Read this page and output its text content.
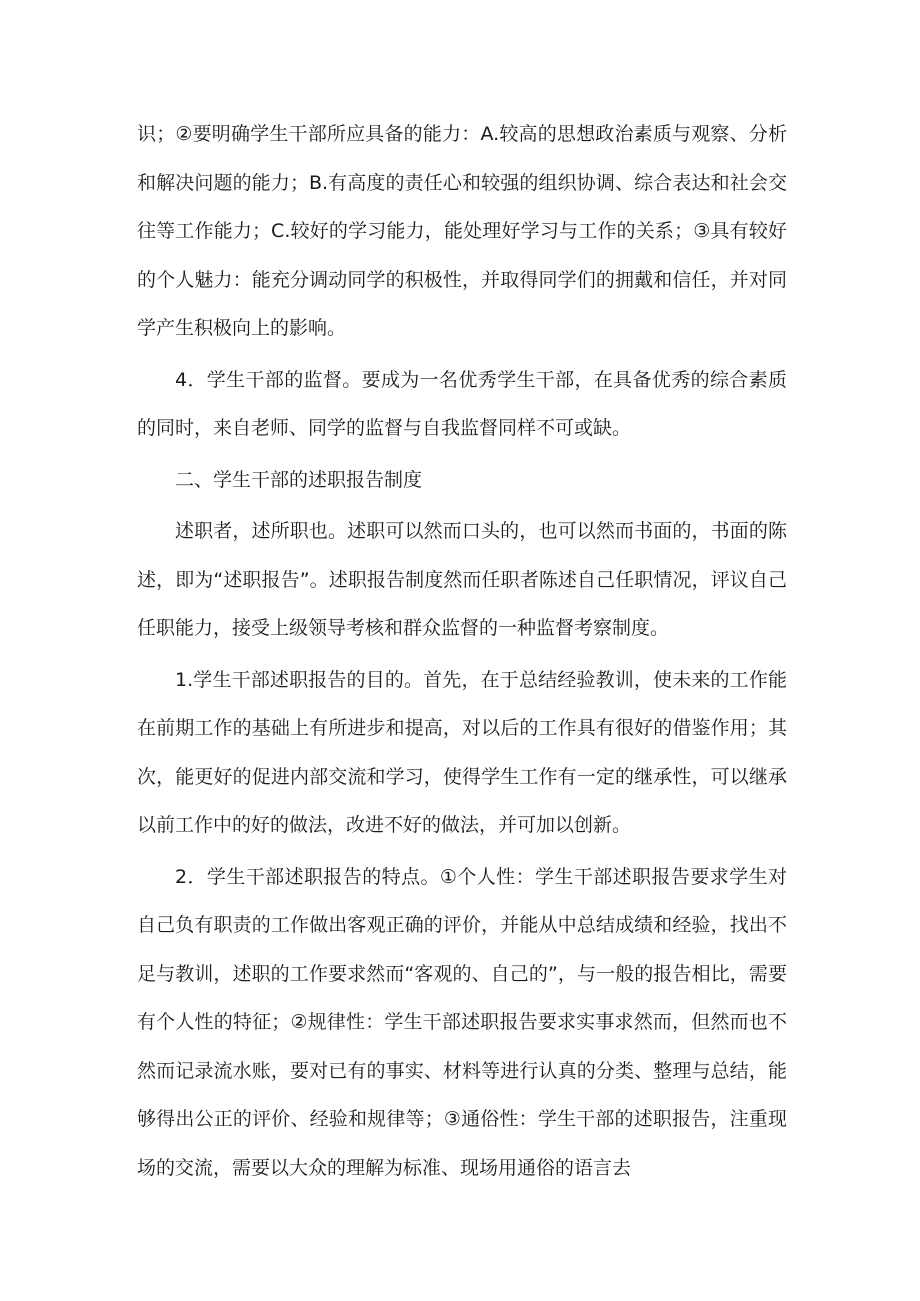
识；②要明确学生干部所应具备的能力：A.较高的思想政治素质与观察、分析和解决问题的能力；B.有高度的责任心和较强的组织协调、综合表达和社会交往等工作能力；C.较好的学习能力，能处理好学习与工作的关系；③具有较好的个人魅力：能充分调动同学的积极性，并取得同学们的拥戴和信任，并对同学产生积极向上的影响。

4．学生干部的监督。要成为一名优秀学生干部，在具备优秀的综合素质的同时，来自老师、同学的监督与自我监督同样不可或缺。

二、学生干部的述职报告制度

述职者，述所职也。述职可以然而口头的，也可以然而书面的，书面的陈述，即为“述职报告”。述职报告制度然而任职者陈述自己任职情况，评议自己任职能力，接受上级领导考核和群众监督的一种监督考察制度。

1.学生干部述职报告的目的。首先，在于总结经验教训，使未来的工作能在前期工作的基础上有所进步和提高，对以后的工作具有很好的借鉴作用；其次，能更好的促进内部交流和学习，使得学生工作有一定的继承性，可以继承以前工作中的好的做法，改进不好的做法，并可加以创新。

2．学生干部述职报告的特点。①个人性：学生干部述职报告要求学生对自己负有职责的工作做出客观正确的评价，并能从中总结成绩和经验，找出不足与教训，述职的工作要求然而“客观的、自己的”，与一般的报告相比，需要有个人性的特征；②规律性：学生干部述职报告要求实事求然而，但然而也不然而记录流水账，要对已有的事实、材料等进行认真的分类、整理与总结，能够得出公正的评价、经验和规律等；③通俗性：学生干部的述职报告，注重现场的交流，需要以大众的理解为标准、现场用通俗的语言去
